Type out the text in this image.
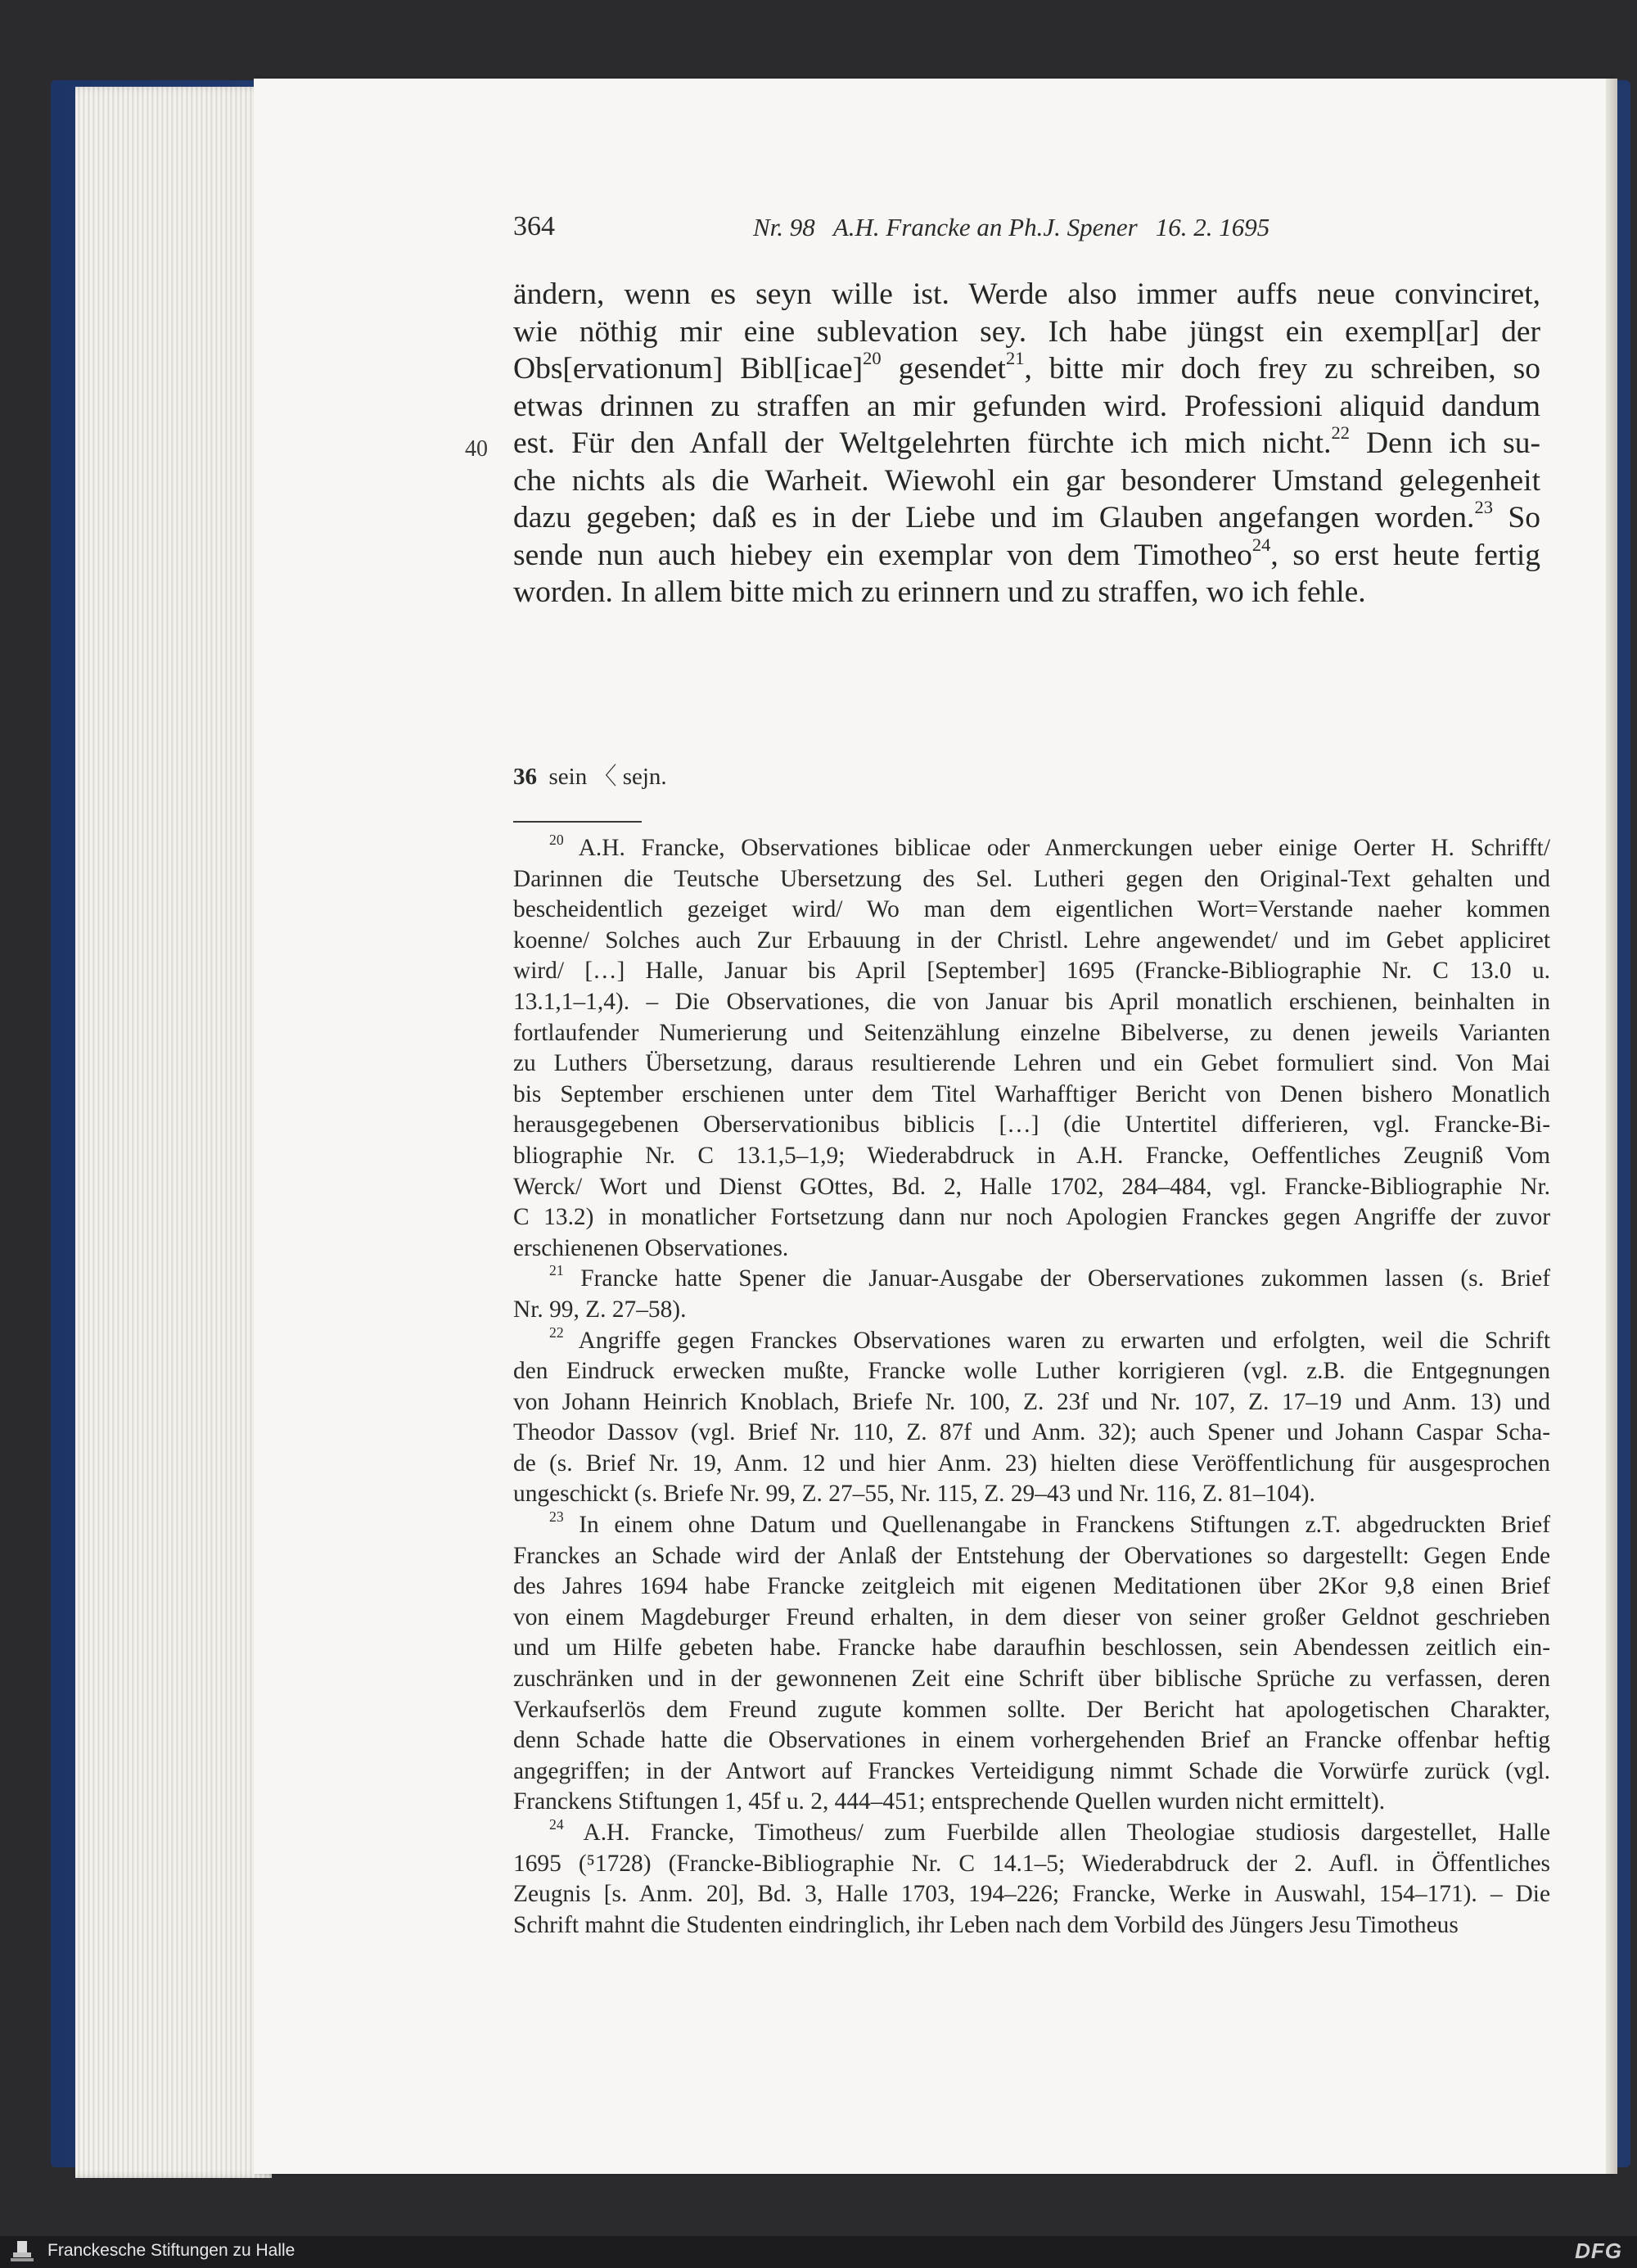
364	Nr. 98 A.H. Francke an Ph.J. Spener 16. 2. 1695
40
ändern, wenn es seyn wille ist. Werde also immer auffs neue convinciret,
wie nöthig mir eine sublevation sey. Ich habe jüngst ein exempl[ar] der
Obs[ervationum] Bibl[icae]$^{20}$ gesendet$^{21}$, bitte mir doch frey zu schreiben, so
etwas drinnen zu straffen an mir gefunden wird. Professioni aliquid dandum
est. Für den Anfall der Weltgelehrten fürchte ich mich nicht.$^{22}$ Denn ich su-
che nichts als die Warheit. Wiewohl ein gar besonderer Umstand gelegenheit
dazu gegeben; daß es in der Liebe und im Glauben angefangen worden.$^{23}$ So
sende nun auch hiebey ein exemplar von dem Timotheo$^{24}$, so erst heute fertig
worden. In allem bitte mich zu erinnern und zu straffen, wo ich fehle.
36 sein 〈 sejn.

$^{20}$ A.H. Francke, Observationes biblicae oder Anmerckungen ueber einige Oerter H. Schrifft/
Darinnen die Teutsche Ubersetzung des Sel. Lutheri gegen den Original-Text gehalten und
bescheidentlich gezeiget wird/ Wo man dem eigentlichen Wort=Verstande naeher kommen
koenne/ Solches auch Zur Erbauung in der Christl. Lehre angewendet/ und im Gebet appliciret
wird/ […] Halle, Januar bis April [September] 1695 (Francke-Bibliographie Nr. C 13.0 u.
13.1,1–1,4). – Die Observationes, die von Januar bis April monatlich erschienen, beinhalten in
fortlaufender Numerierung und Seitenzählung einzelne Bibelverse, zu denen jeweils Varianten
zu Luthers Übersetzung, daraus resultierende Lehren und ein Gebet formuliert sind. Von Mai
bis September erschienen unter dem Titel Warhafftiger Bericht von Denen bishero Monatlich
herausgegebenen Oberservationibus biblicis […] (die Untertitel differieren, vgl. Francke-Bi-
bliographie Nr. C 13.1,5–1,9; Wiederabdruck in A.H. Francke, Oeffentliches Zeugniß Vom
Werck/ Wort und Dienst GOttes, Bd. 2, Halle 1702, 284–484, vgl. Francke-Bibliographie Nr.
C 13.2) in monatlicher Fortsetzung dann nur noch Apologien Franckes gegen Angriffe der zuvor
erschienenen Observationes.

$^{21}$ Francke hatte Spener die Januar-Ausgabe der Oberservationes zukommen lassen (s. Brief
Nr. 99, Z. 27–58).

$^{22}$ Angriffe gegen Franckes Observationes waren zu erwarten und erfolgten, weil die Schrift
den Eindruck erwecken mußte, Francke wolle Luther korrigieren (vgl. z.B. die Entgegnungen
von Johann Heinrich Knoblach, Briefe Nr. 100, Z. 23f und Nr. 107, Z. 17–19 und Anm. 13) und
Theodor Dassov (vgl. Brief Nr. 110, Z. 87f und Anm. 32); auch Spener und Johann Caspar Scha-
de (s. Brief Nr. 19, Anm. 12 und hier Anm. 23) hielten diese Veröffentlichung für ausgesprochen
ungeschickt (s. Briefe Nr. 99, Z. 27–55, Nr. 115, Z. 29–43 und Nr. 116, Z. 81–104).

$^{23}$ In einem ohne Datum und Quellenangabe in Franckens Stiftungen z.T. abgedruckten Brief
Franckes an Schade wird der Anlaß der Entstehung der Obervationes so dargestellt: Gegen Ende
des Jahres 1694 habe Francke zeitgleich mit eigenen Meditationen über 2Kor 9,8 einen Brief
von einem Magdeburger Freund erhalten, in dem dieser von seiner großer Geldnot geschrieben
und um Hilfe gebeten habe. Francke habe daraufhin beschlossen, sein Abendessen zeitlich ein-
zuschränken und in der gewonnenen Zeit eine Schrift über biblische Sprüche zu verfassen, deren
Verkaufserlös dem Freund zugute kommen sollte. Der Bericht hat apologetischen Charakter,
denn Schade hatte die Observationes in einem vorhergehenden Brief an Francke offenbar heftig
angegriffen; in der Antwort auf Franckes Verteidigung nimmt Schade die Vorwürfe zurück (vgl.
Franckens Stiftungen 1, 45f u. 2, 444–451; entsprechende Quellen wurden nicht ermittelt).

$^{24}$ A.H. Francke, Timotheus/ zum Fuerbilde allen Theologiae studiosis dargestellet, Halle
1695 (⁵1728) (Francke-Bibliographie Nr. C 14.1–5; Wiederabdruck der 2. Aufl. in Öffentliches
Zeugnis [s. Anm. 20], Bd. 3, Halle 1703, 194–226; Francke, Werke in Auswahl, 154–171). – Die
Schrift mahnt die Studenten eindringlich, ihr Leben nach dem Vorbild des Jüngers Jesu Timotheus

Franckesche Stiftungen zu Halle	DFG
